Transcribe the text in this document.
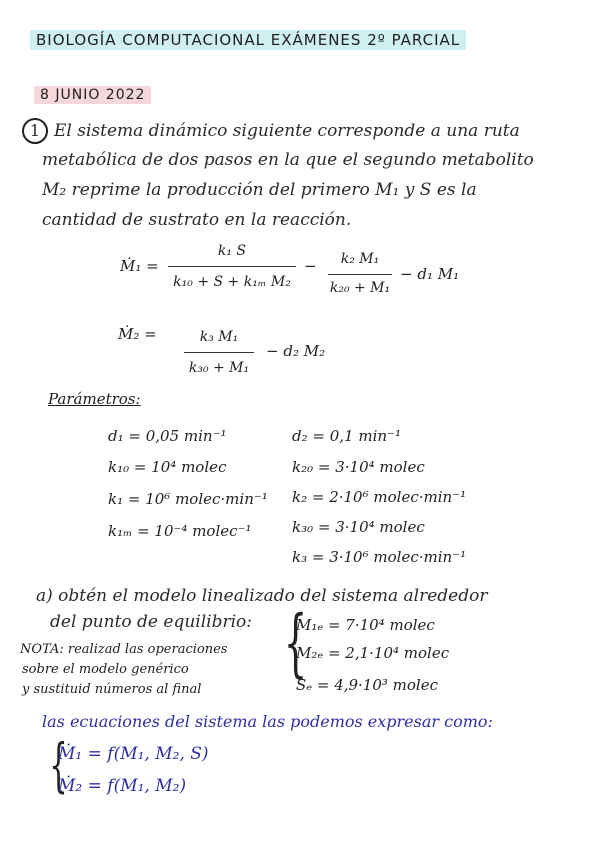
BIOLOGÍA COMPUTACIONAL EXÁMENES 2º PARCIAL
8 JUNIO 2022
1 El sistema dinámico siguiente corresponde a una ruta
metabólica de dos pasos en la que el segundo metabolito
M₂ reprime la producción del primero M₁ y S es la
cantidad de sustrato en la reacción.
Ṁ₁ =
k₁ S
k₁₀ + S + k₁ₘ M₂
−	k₂ M₁
k₂₀ + M₁
− d₁ M₁
Ṁ₂ =	k₃ M₁
k₃₀ + M₁
− d₂ M₂
Parámetros:
d₁ = 0,05 min⁻¹
k₁₀ = 10⁴ molec
k₁ = 10⁶ molec·min⁻¹
k₁ₘ = 10⁻⁴ molec⁻¹
d₂ = 0,1 min⁻¹
k₂₀ = 3·10⁴ molec
k₂ = 2·10⁶ molec·min⁻¹
k₃₀ = 3·10⁴ molec
k₃ = 3·10⁶ molec·min⁻¹
a) obtén el modelo linealizado del sistema alrededor
del punto de equilibrio:
NOTA: realizad las operaciones
sobre el modelo genérico
y sustituid números al final
{
M₁ₑ = 7·10⁴ molec
M₂ₑ = 2,1·10⁴ molec
Sₑ = 4,9·10³ molec
las ecuaciones del sistema las podemos expresar como:
{
Ṁ₁ = f(M₁, M₂, S)
Ṁ₂ = f(M₁, M₂)
